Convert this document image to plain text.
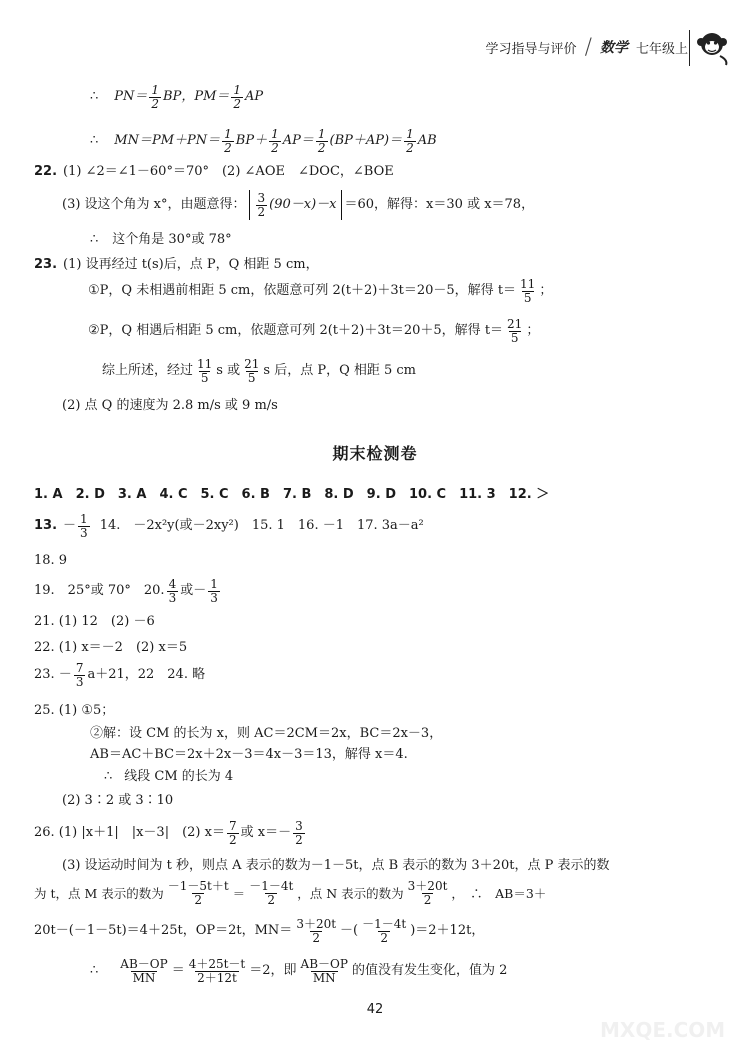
学习指导与评价 / 数学 七年级上
MXQE.COM
∴ PN＝ 1
2 BP，PM＝ 1
2 AP
∴ MN＝PM＋PN＝ 1
2 BP＋ 1
2 AP＝ 1
2 (BP＋AP)＝ 1
2 AB
22. (1) ∠2＝∠1－60°＝70°　(2) ∠AOE　∠DOC，∠BOE
(3) 设这个角为 x°，由题意得： 3
2 (90－x)－x ＝60，解得：x＝30 或 x＝78，
∴ 这个角是 30°或 78°
23. (1) 设再经过 t(s)后，点 P，Q 相距 5 cm，
①P，Q 未相遇前相距 5 cm，依题意可列 2(t＋2)＋3t＝20－5，解得 t＝ 11
5 ；
②P，Q 相遇后相距 5 cm，依题意可列 2(t＋2)＋3t＝20＋5，解得 t＝ 21
5 ；
综上所述，经过 11
5 s 或 21
5 s 后，点 P，Q 相距 5 cm
(2) 点 Q 的速度为 2.8 m/s 或 9 m/s
期末检测卷
1. A　2. D　3. A　4. C　5. C　6. B　7. B　8. D　9. D　10. C　11. 3　12. ＞
13. － 1
3 14.　－2x²y(或－2xy²)　15. 1　16. －1　17. 3a－a²
18. 9
19.　25°或 70°　20. 4
3 或－ 1
3
21. (1) 12　(2) －6
22. (1) x＝－2　(2) x＝5
23. － 7
3 a＋21，22　24. 略
25. (1) ①5；
②解：设 CM 的长为 x，则 AC＝2CM＝2x，BC＝2x－3，
AB＝AC＋BC＝2x＋2x－3＝4x－3＝13，解得 x＝4.
∴ 线段 CM 的长为 4
(2) 3∶2 或 3∶10
26. (1) |x＋1|　|x－3|　(2) x＝ 7
2 或 x＝－ 3
2
(3) 设运动时间为 t 秒，则点 A 表示的数为－1－5t，点 B 表示的数为 3＋20t，点 P 表示的数
为 t，点 M 表示的数为 －1－5t＋t
2 ＝ －1－4t
2 ，点 N 表示的数为 3＋20t
2 ，　∴　AB＝3＋
20t－(－1－5t)＝4＋25t，OP＝2t，MN＝ 3＋20t
2 －( －1－4t
2 )＝2＋12t，
∴ AB－OP
MN ＝ 4＋25t－t
2＋12t ＝2，即 AB－OP
MN 的值没有发生变化，值为 2
42
